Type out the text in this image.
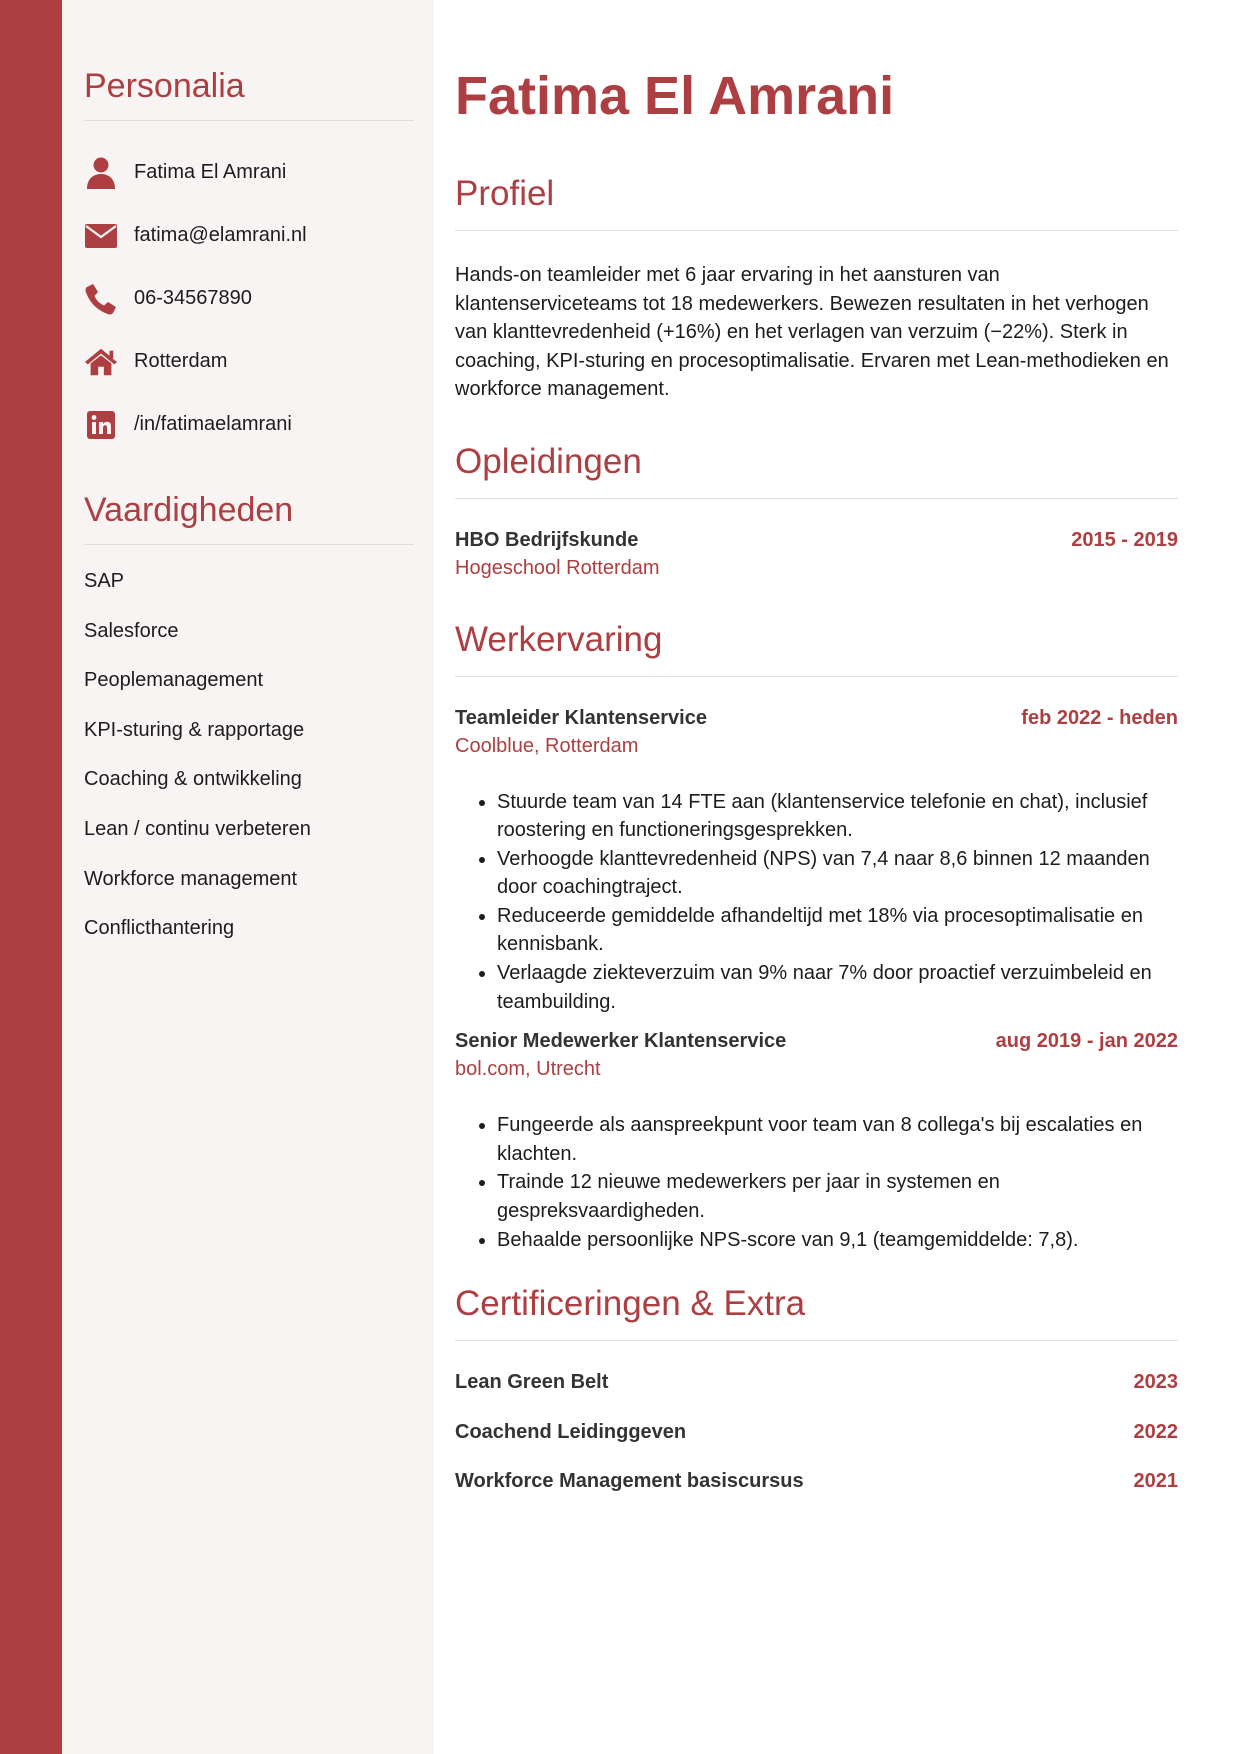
Personalia
Fatima El Amrani
fatima@elamrani.nl
06-34567890
Rotterdam
/in/fatimaelamrani
Vaardigheden
SAP
Salesforce
Peoplemanagement
KPI-sturing & rapportage
Coaching & ontwikkeling
Lean / continu verbeteren
Workforce management
Conflicthantering
Fatima El Amrani
Profiel

Hands-on teamleider met 6 jaar ervaring in het aansturen van klantenserviceteams tot 18 medewerkers. Bewezen resultaten in het verhogen van klanttevredenheid (+16%) en het verlagen van verzuim (−22%). Sterk in coaching, KPI-sturing en procesoptimalisatie. Ervaren met Lean-methodieken en workforce management.

Opleidingen
HBO Bedrijfskunde	2015 - 2019
Hogeschool Rotterdam
Werkervaring
Teamleider Klantenservice	feb 2022 - heden
Coolblue, Rotterdam
• Stuurde team van 14 FTE aan (klantenservice telefonie en chat), inclusief roostering en functioneringsgesprekken.
• Verhoogde klanttevredenheid (NPS) van 7,4 naar 8,6 binnen 12 maanden door coachingtraject.
• Reduceerde gemiddelde afhandeltijd met 18% via procesoptimalisatie en kennisbank.
• Verlaagde ziekteverzuim van 9% naar 7% door proactief verzuimbeleid en teambuilding.
Senior Medewerker Klantenservice	aug 2019 - jan 2022
bol.com, Utrecht
• Fungeerde als aanspreekpunt voor team van 8 collega's bij escalaties en klachten.
• Trainde 12 nieuwe medewerkers per jaar in systemen en gespreksvaardigheden.
• Behaalde persoonlijke NPS-score van 9,1 (teamgemiddelde: 7,8).
Certificeringen & Extra
Lean Green Belt	2023
Coachend Leidinggeven	2022
Workforce Management basiscursus	2021
